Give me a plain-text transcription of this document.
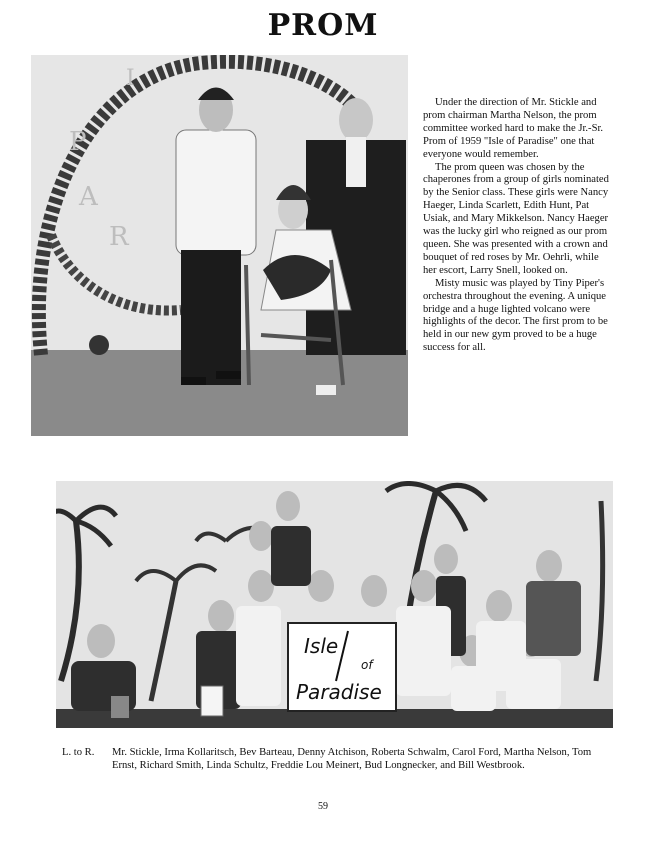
PROM
P
A
R
I

Under the direction of Mr. Stickle and prom chairman Martha Nelson, the prom committee worked hard to make the Jr.-Sr. Prom of 1959 "Isle of Paradise" one that everyone would remember.

The prom queen was chosen by the chaperones from a group of girls nominated by the Senior class. These girls were Nancy Haeger, Linda Scarlett, Edith Hunt, Pat Usiak, and Mary Mikkelson. Nancy Haeger was the lucky girl who reigned as our prom queen. She was presented with a crown and bouquet of red roses by Mr. Oehrli, while her escort, Larry Snell, looked on.

Misty music was played by Tiny Piper's orchestra throughout the evening. A unique bridge and a huge lighted volcano were highlights of the decor. The first prom to be held in our new gym proved to be a huge success for all.

Isle
of
Paradise
L. to R.	Mr. Stickle, Irma Kollaritsch, Bev Barteau, Denny Atchison, Roberta Schwalm, Carol Ford, Martha Nelson, Tom Ernst, Richard Smith, Linda Schultz, Freddie Lou Meinert, Bud Longnecker, and Bill Westbrook.
59
